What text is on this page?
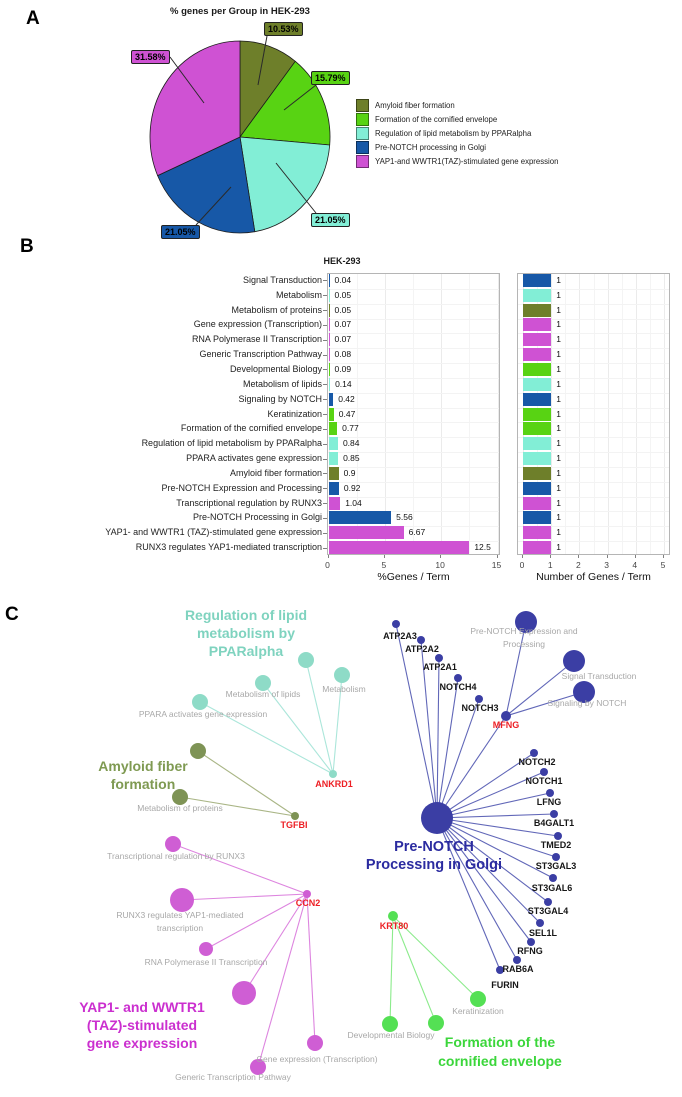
A
B
C
% genes per Group in HEK-293
10.53%
15.79%
21.05%
21.05%
31.58%
Amyloid fiber formation
Formation of the cornified envelope
Regulation of lipid metabolism by PPARalpha
Pre-NOTCH processing in Golgi
YAP1-and WWTR1(TAZ)-stimulated gene expression
HEK-293
0	5	10	15 0	1	2	3	4	5
Signal Transduction 0.04	1
Metabolism 0.05	1
Metabolism of proteins 0.05	1
Gene expression (Transcription) 0.07	1
RNA Polymerase II Transcription 0.07	1
Generic Transcription Pathway 0.08	1
Developmental Biology 0.09	1
Metabolism of lipids 0.14	1
Signaling by NOTCH 0.42	1
Keratinization 0.47	1
Formation of the cornified envelope 0.77	1
Regulation of lipid metabolism by PPARalpha 0.84	1
PPARA activates gene expression 0.85	1
Amyloid fiber formation	0.9	1
Pre-NOTCH Expression and Processing	0.92	1
Transcriptional regulation by RUNX3	1.04	1
Pre-NOTCH Processing in Golgi	5.56	1
YAP1- and WWTR1 (TAZ)-stimulated gene expression	6.67	1
RUNX3 regulates YAP1-mediated transcription	12.5	1
%Genes / Term	Number of Genes / Term
Metabolism
Metabolism of lipids
PPARA activates gene expression
ANKRD1
Metabolism of proteins
TGFBI
Pre-NOTCH Expression and Processing
Signal Transduction
Signaling by NOTCH
MFNG
ATP2A3
ATP2A2
ATP2A1
NOTCH4
NOTCH3
NOTCH2
NOTCH1
LFNG
B4GALT1
TMED2
ST3GAL3
ST3GAL6
ST3GAL4
SEL1L
RFNG
RAB6A
FURIN
KRT80
Keratinization
Developmental Biology
Transcriptional regulation by RUNX3
RUNX3 regulates YAP1-mediated transcription
CCN2
RNA Polymerase II Transcription
Gene expression (Transcription)
Generic Transcription Pathway
Regulation of lipid metabolism by PPARalpha
Amyloid fiber formation
Pre-NOTCH Processing in Golgi
Formation of the cornified envelope
YAP1- and WWTR1 (TAZ)-stimulated gene expression
